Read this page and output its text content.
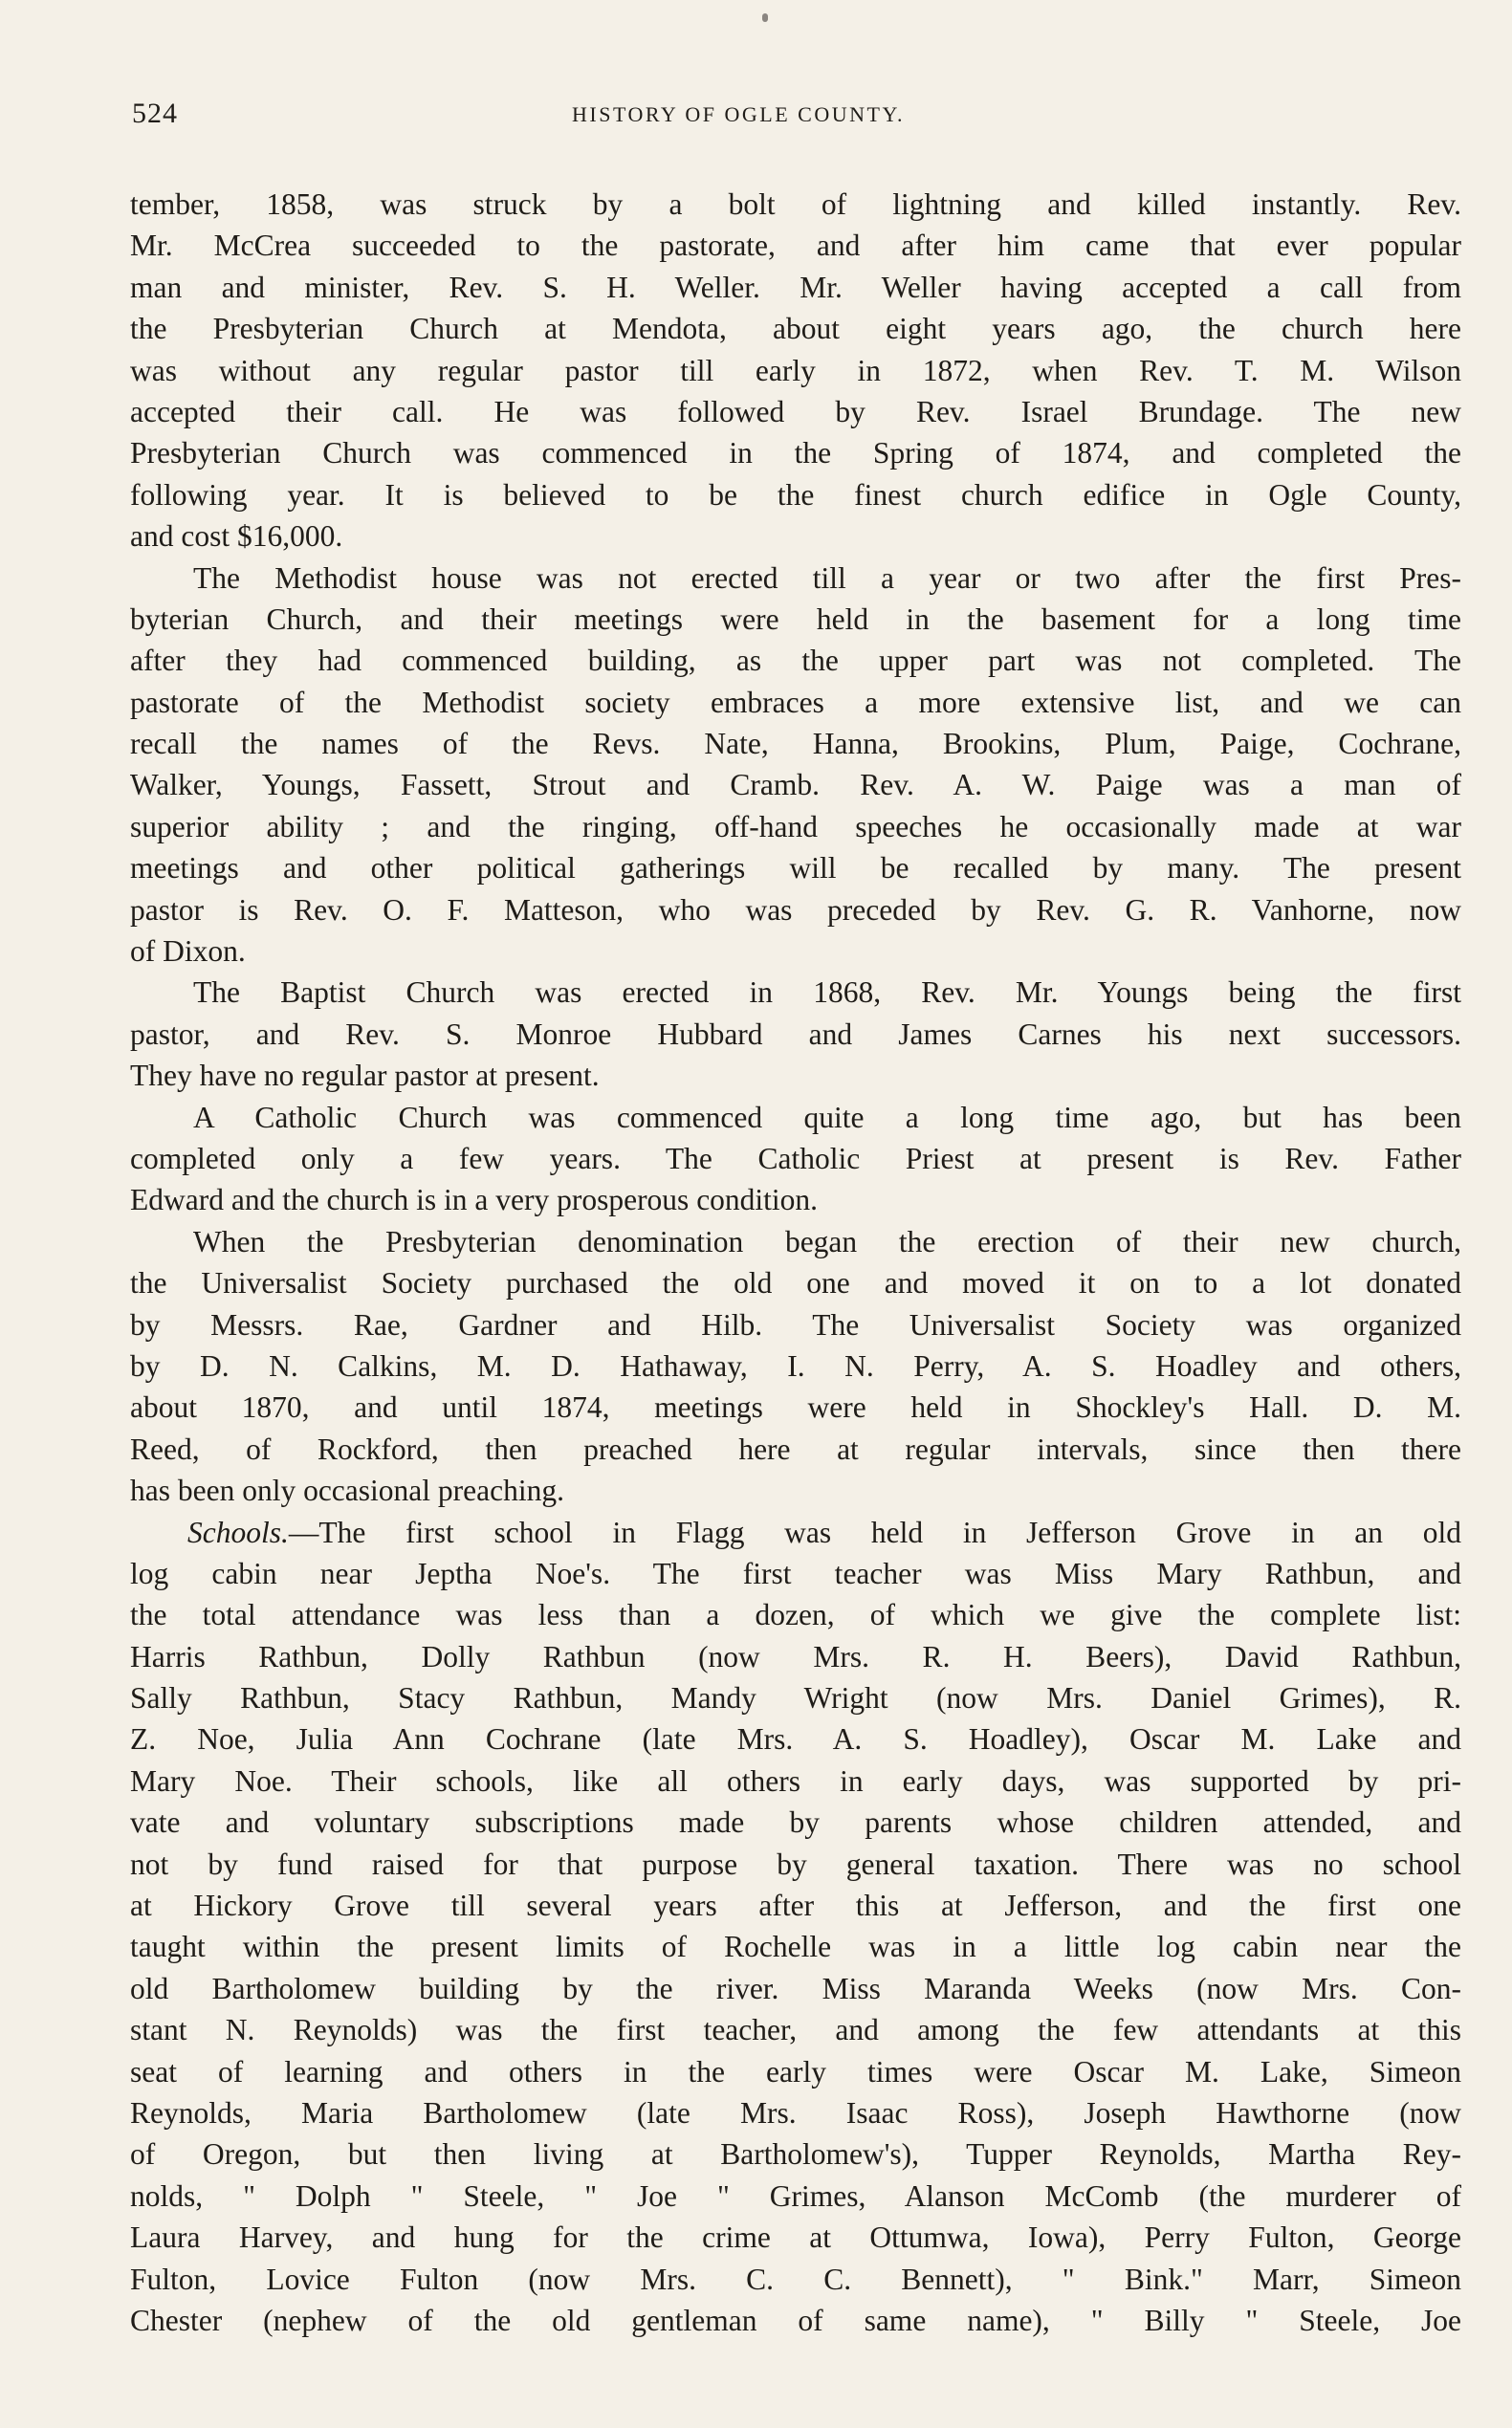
524	HISTORY OF OGLE COUNTY.
tember, 1858, was struck by a bolt of lightning and killed instantly. Rev.
Mr. McCrea succeeded to the pastorate, and after him came that ever popular
man and minister, Rev. S. H. Weller. Mr. Weller having accepted a call from
the Presbyterian Church at Mendota, about eight years ago, the church here
was without any regular pastor till early in 1872, when Rev. T. M. Wilson
accepted their call. He was followed by Rev. Israel Brundage. The new
Presbyterian Church was commenced in the Spring of 1874, and completed the
following year. It is believed to be the finest church edifice in Ogle County,
and cost $16,000.
The Methodist house was not erected till a year or two after the first Pres-
byterian Church, and their meetings were held in the basement for a long time
after they had commenced building, as the upper part was not completed. The
pastorate of the Methodist society embraces a more extensive list, and we can
recall the names of the Revs. Nate, Hanna, Brookins, Plum, Paige, Cochrane,
Walker, Youngs, Fassett, Strout and Cramb. Rev. A. W. Paige was a man of
superior ability ; and the ringing, off-hand speeches he occasionally made at war
meetings and other political gatherings will be recalled by many. The present
pastor is Rev. O. F. Matteson, who was preceded by Rev. G. R. Vanhorne, now
of Dixon.
The Baptist Church was erected in 1868, Rev. Mr. Youngs being the first
pastor, and Rev. S. Monroe Hubbard and James Carnes his next successors.
They have no regular pastor at present.
A Catholic Church was commenced quite a long time ago, but has been
completed only a few years. The Catholic Priest at present is Rev. Father
Edward and the church is in a very prosperous condition.
When the Presbyterian denomination began the erection of their new church,
the Universalist Society purchased the old one and moved it on to a lot donated
by Messrs. Rae, Gardner and Hilb. The Universalist Society was organized
by D. N. Calkins, M. D. Hathaway, I. N. Perry, A. S. Hoadley and others,
about 1870, and until 1874, meetings were held in Shockley's Hall. D. M.
Reed, of Rockford, then preached here at regular intervals, since then there
has been only occasional preaching.
Schools.—The first school in Flagg was held in Jefferson Grove in an old
log cabin near Jeptha Noe's. The first teacher was Miss Mary Rathbun, and
the total attendance was less than a dozen, of which we give the complete list:
Harris Rathbun, Dolly Rathbun (now Mrs. R. H. Beers), David Rathbun,
Sally Rathbun, Stacy Rathbun, Mandy Wright (now Mrs. Daniel Grimes), R.
Z. Noe, Julia Ann Cochrane (late Mrs. A. S. Hoadley), Oscar M. Lake and
Mary Noe. Their schools, like all others in early days, was supported by pri-
vate and voluntary subscriptions made by parents whose children attended, and
not by fund raised for that purpose by general taxation. There was no school
at Hickory Grove till several years after this at Jefferson, and the first one
taught within the present limits of Rochelle was in a little log cabin near the
old Bartholomew building by the river. Miss Maranda Weeks (now Mrs. Con-
stant N. Reynolds) was the first teacher, and among the few attendants at this
seat of learning and others in the early times were Oscar M. Lake, Simeon
Reynolds, Maria Bartholomew (late Mrs. Isaac Ross), Joseph Hawthorne (now
of Oregon, but then living at Bartholomew's), Tupper Reynolds, Martha Rey-
nolds, " Dolph " Steele, " Joe " Grimes, Alanson McComb (the murderer of
Laura Harvey, and hung for the crime at Ottumwa, Iowa), Perry Fulton, George
Fulton, Lovice Fulton (now Mrs. C. C. Bennett), " Bink." Marr, Simeon
Chester (nephew of the old gentleman of same name), " Billy " Steele, Joe
